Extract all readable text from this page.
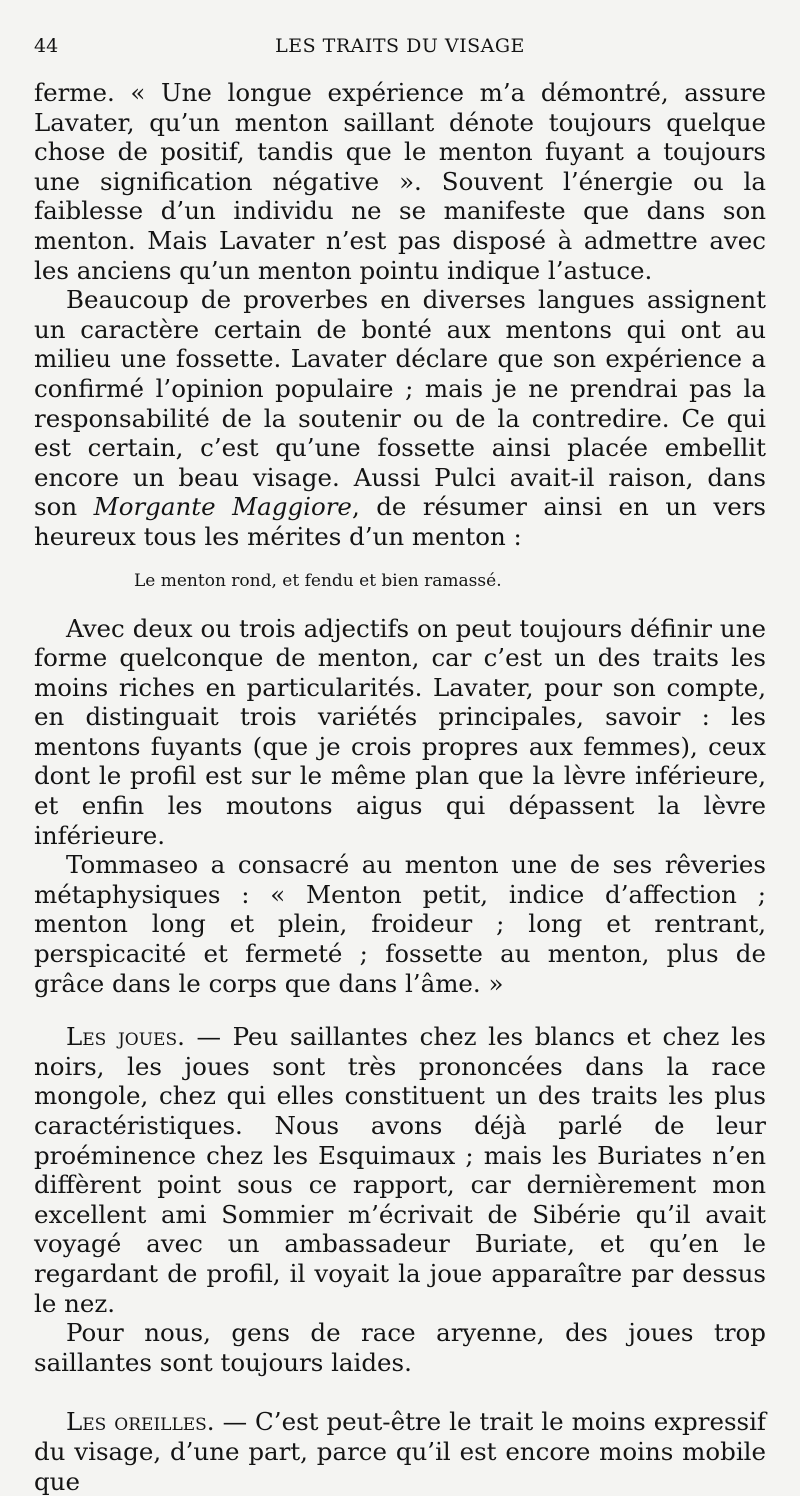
44	LES TRAITS DU VISAGE

ferme. « Une longue expérience m’a démontré, assure Lavater, qu’un menton saillant dénote toujours quelque chose de positif, tandis que le menton fuyant a toujours une signification négative ». Souvent l’énergie ou la faiblesse d’un individu ne se manifeste que dans son menton. Mais Lavater n’est pas disposé à admettre avec les anciens qu’un menton pointu indique l’astuce.

Beaucoup de proverbes en diverses langues assignent un caractère certain de bonté aux mentons qui ont au milieu une fossette. Lavater déclare que son expérience a confirmé l’opinion populaire ; mais je ne prendrai pas la responsabilité de la soutenir ou de la contredire. Ce qui est certain, c’est qu’une fossette ainsi placée embellit encore un beau visage. Aussi Pulci avait-il raison, dans son Morgante Maggiore, de résumer ainsi en un vers heureux tous les mérites d’un menton :

Le menton rond, et fendu et bien ramassé.

Avec deux ou trois adjectifs on peut toujours définir une forme quelconque de menton, car c’est un des traits les moins riches en particularités. Lavater, pour son compte, en distinguait trois variétés principales, savoir : les mentons fuyants (que je crois propres aux femmes), ceux dont le profil est sur le même plan que la lèvre inférieure, et enfin les moutons aigus qui dépassent la lèvre inférieure.

Tommaseo a consacré au menton une de ses rêveries métaphysiques : « Menton petit, indice d’affection ; menton long et plein, froideur ; long et rentrant, perspicacité et fermeté ; fossette au menton, plus de grâce dans le corps que dans l’âme. »

Les joues. — Peu saillantes chez les blancs et chez les noirs, les joues sont très prononcées dans la race mongole, chez qui elles constituent un des traits les plus caractéristiques. Nous avons déjà parlé de leur proéminence chez les Esquimaux ; mais les Buriates n’en diffèrent point sous ce rapport, car dernièrement mon excellent ami Sommier m’écrivait de Sibérie qu’il avait voyagé avec un ambassadeur Buriate, et qu’en le regardant de profil, il voyait la joue apparaître par dessus le nez.

Pour nous, gens de race aryenne, des joues trop saillantes sont toujours laides.

Les oreilles. — C’est peut-être le trait le moins expressif du visage, d’une part, parce qu’il est encore moins mobile que
